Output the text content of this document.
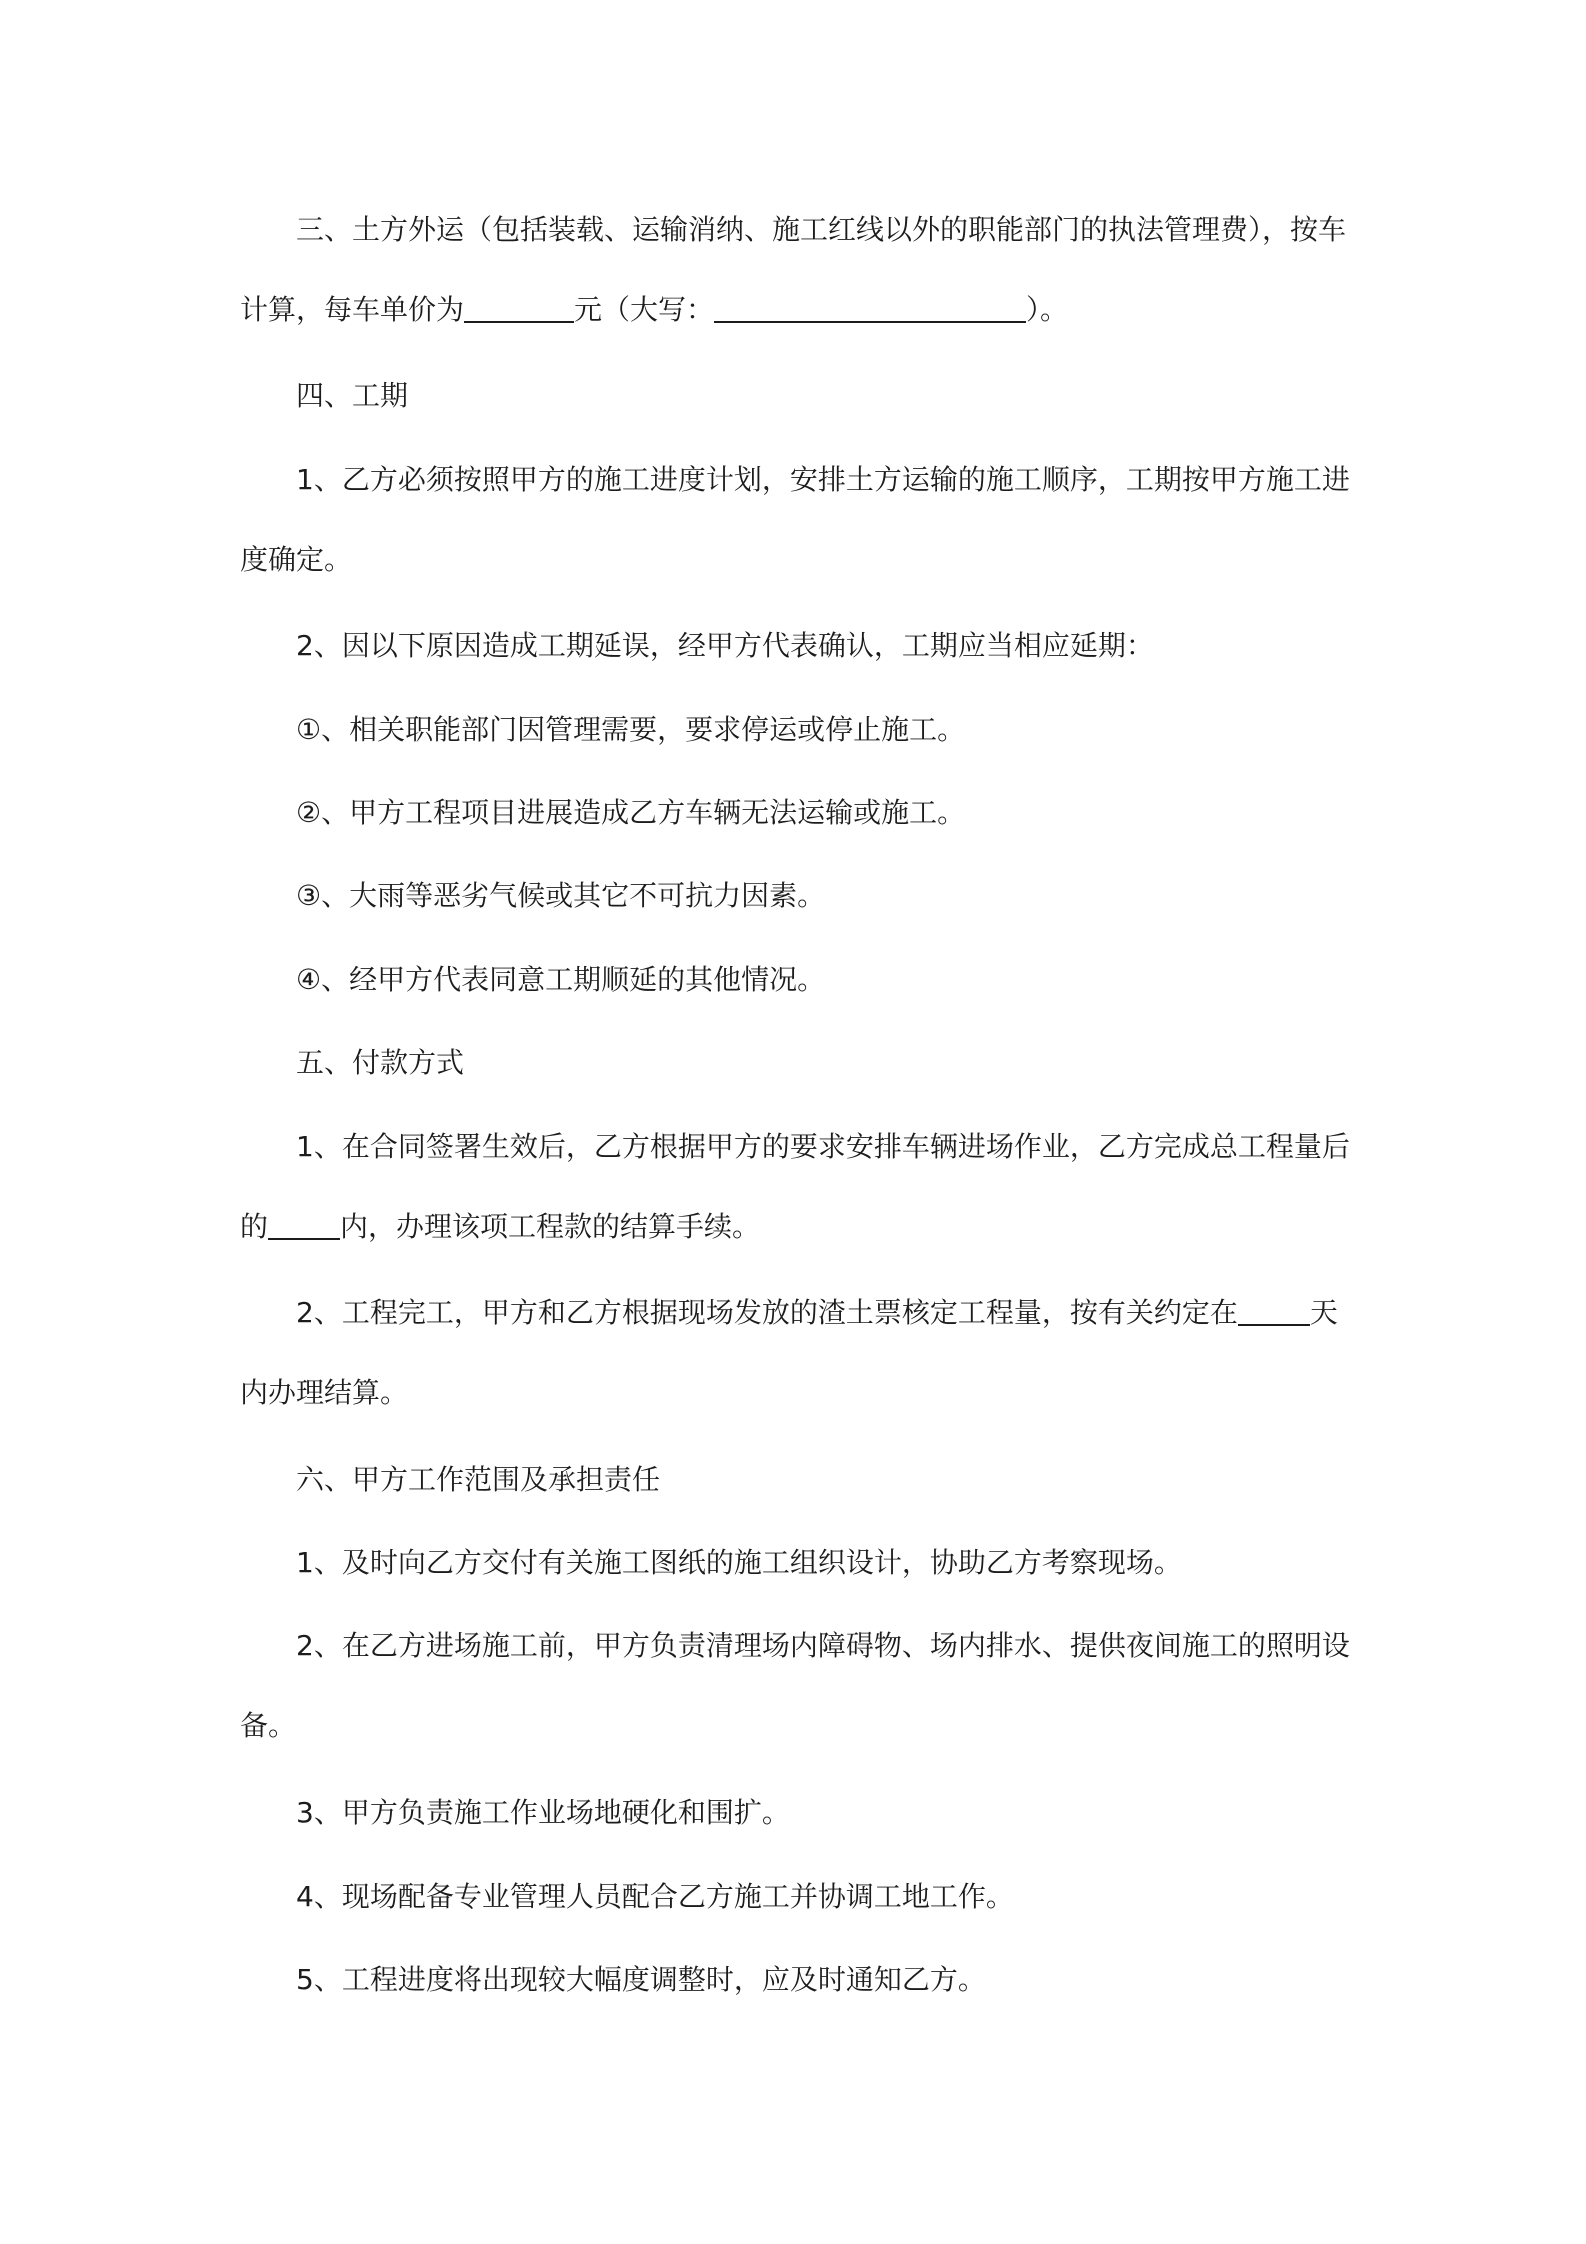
三、土方外运（包括装载、运输消纳、施工红线以外的职能部门的执法管理费），按车计算，每车单价为	元（大写：	）。

四、工期

1、乙方必须按照甲方的施工进度计划，安排土方运输的施工顺序，工期按甲方施工进度确定。

2、因以下原因造成工期延误，经甲方代表确认，工期应当相应延期：

①、相关职能部门因管理需要，要求停运或停止施工。

②、甲方工程项目进展造成乙方车辆无法运输或施工。

③、大雨等恶劣气候或其它不可抗力因素。

④、经甲方代表同意工期顺延的其他情况。

五、付款方式

1、在合同签署生效后，乙方根据甲方的要求安排车辆进场作业，乙方完成总工程量后的	内，办理该项工程款的结算手续。

2、工程完工，甲方和乙方根据现场发放的渣土票核定工程量，按有关约定在	天内办理结算。

六、甲方工作范围及承担责任

1、及时向乙方交付有关施工图纸的施工组织设计，协助乙方考察现场。

2、在乙方进场施工前，甲方负责清理场内障碍物、场内排水、提供夜间施工的照明设备。

3、甲方负责施工作业场地硬化和围扩。

4、现场配备专业管理人员配合乙方施工并协调工地工作。

5、工程进度将出现较大幅度调整时，应及时通知乙方。
